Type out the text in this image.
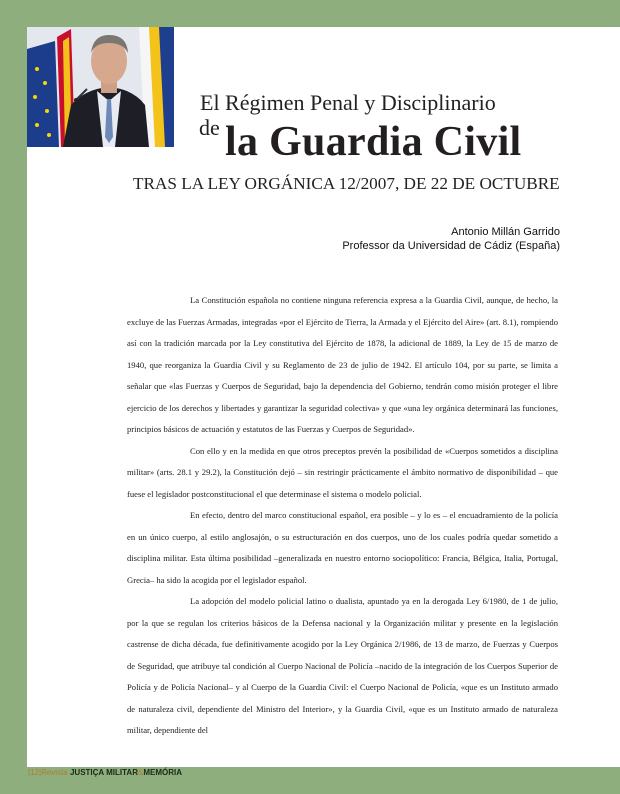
El Régimen Penal y Disciplinario
de la Guardia Civil
TRAS LA LEY ORGÁNICA 12/2007, DE 22 DE OCTUBRE
Antonio Millán Garrido
Professor da Universidad de Cádiz (España)

La Constitución española no contiene ninguna referencia expresa a la Guardia Civil, aunque, de hecho, la excluye de las Fuerzas Armadas, integradas «por el Ejército de Tierra, la Armada y el Ejército del Aire» (art. 8.1), rompiendo así con la tradición marcada por la Ley constitutiva del Ejército de 1878, la adicional de 1889, la Ley de 15 de marzo de 1940, que reorganiza la Guardia Civil y su Reglamento de 23 de julio de 1942. El artículo 104, por su parte, se limita a señalar que «las Fuerzas y Cuerpos de Seguridad, bajo la dependencia del Gobierno, tendrán como misión proteger el libre ejercicio de los derechos y libertades y garantizar la seguridad colectiva» y que «una ley orgánica determinará las funciones, principios básicos de actuación y estatutos de las Fuerzas y Cuerpos de Seguridad».

Con ello y en la medida en que otros preceptos prevén la posibilidad de «Cuerpos sometidos a disciplina militar» (arts. 28.1 y 29.2), la Constitución dejó – sin restringir prácticamente el ámbito normativo de disponibilidad – que fuese el legislador postconstitucional el que determinase el sistema o modelo policial.

En efecto, dentro del marco constitucional español, era posible – y lo es – el encuadramiento de la policía en un único cuerpo, al estilo anglosajón, o su estructuración en dos cuerpos, uno de los cuales podría quedar sometido a disciplina militar. Esta última posibilidad –generalizada en nuestro entorno sociopolítico: Francia, Bélgica, Italia, Portugal, Grecia– ha sido la acogida por el legislador español.

La adopción del modelo policial latino o dualista, apuntado ya en la derogada Ley 6/1980, de 1 de julio, por la que se regulan los criterios básicos de la Defensa nacional y la Organización militar y presente en la legislación castrense de dicha década, fue definitivamente acogido por la Ley Orgánica 2/1986, de 13 de marzo, de Fuerzas y Cuerpos de Seguridad, que atribuye tal condición al Cuerpo Nacional de Policía –nacido de la integración de los Cuerpos Superior de Policía y de Policía Nacional– y al Cuerpo de la Guardia Civil: el Cuerpo Nacional de Policía, «que es un Instituto armado de naturaleza civil, dependiente del Ministro del Interior», y la Guardia Civil, «que es un Instituto armado de naturaleza militar, dependiente del

|12|Revista JUSTIÇA MILITAR&MEMÓRIA
